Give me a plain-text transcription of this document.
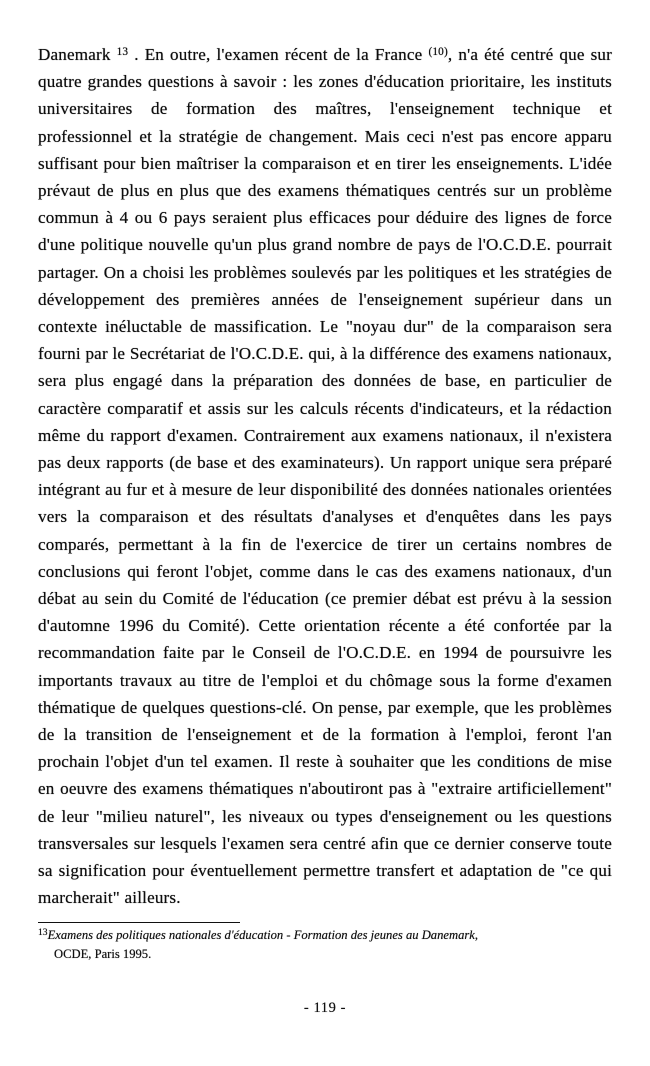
Danemark $^{13}$ . En outre, l'examen récent de la France $^{(10)}$, n'a été centré que sur quatre grandes questions à savoir : les zones d'éducation prioritaire, les instituts universitaires de formation des maîtres, l'enseignement technique et professionnel et la stratégie de changement. Mais ceci n'est pas encore apparu suffisant pour bien maîtriser la comparaison et en tirer les enseignements. L'idée prévaut de plus en plus que des examens thématiques centrés sur un problème commun à 4 ou 6 pays seraient plus efficaces pour déduire des lignes de force d'une politique nouvelle qu'un plus grand nombre de pays de l'O.C.D.E. pourrait partager. On a choisi les problèmes soulevés par les politiques et les stratégies de développement des premières années de l'enseignement supérieur dans un contexte inéluctable de massification. Le "noyau dur" de la comparaison sera fourni par le Secrétariat de l'O.C.D.E. qui, à la différence des examens nationaux, sera plus engagé dans la préparation des données de base, en particulier de caractère comparatif et assis sur les calculs récents d'indicateurs, et la rédaction même du rapport d'examen. Contrairement aux examens nationaux, il n'existera pas deux rapports (de base et des examinateurs). Un rapport unique sera préparé intégrant au fur et à mesure de leur disponibilité des données nationales orientées vers la comparaison et des résultats d'analyses et d'enquêtes dans les pays comparés, permettant à la fin de l'exercice de tirer un certains nombres de conclusions qui feront l'objet, comme dans le cas des examens nationaux, d'un débat au sein du Comité de l'éducation (ce premier débat est prévu à la session d'automne 1996 du Comité). Cette orientation récente a été confortée par la recommandation faite par le Conseil de l'O.C.D.E. en 1994 de poursuivre les importants travaux au titre de l'emploi et du chômage sous la forme d'examen thématique de quelques questions-clé. On pense, par exemple, que les problèmes de la transition de l'enseignement et de la formation à l'emploi, feront l'an prochain l'objet d'un tel examen. Il reste à souhaiter que les conditions de mise en oeuvre des examens thématiques n'aboutiront pas à "extraire artificiellement" de leur "milieu naturel", les niveaux ou types d'enseignement ou les questions transversales sur lesquels l'examen sera centré afin que ce dernier conserve toute sa signification pour éventuellement permettre transfert et adaptation de "ce qui marcherait" ailleurs.

$^{13}$Examens des politiques nationales d'éducation - Formation des jeunes au Danemark,
OCDE, Paris 1995.

- 119 -
